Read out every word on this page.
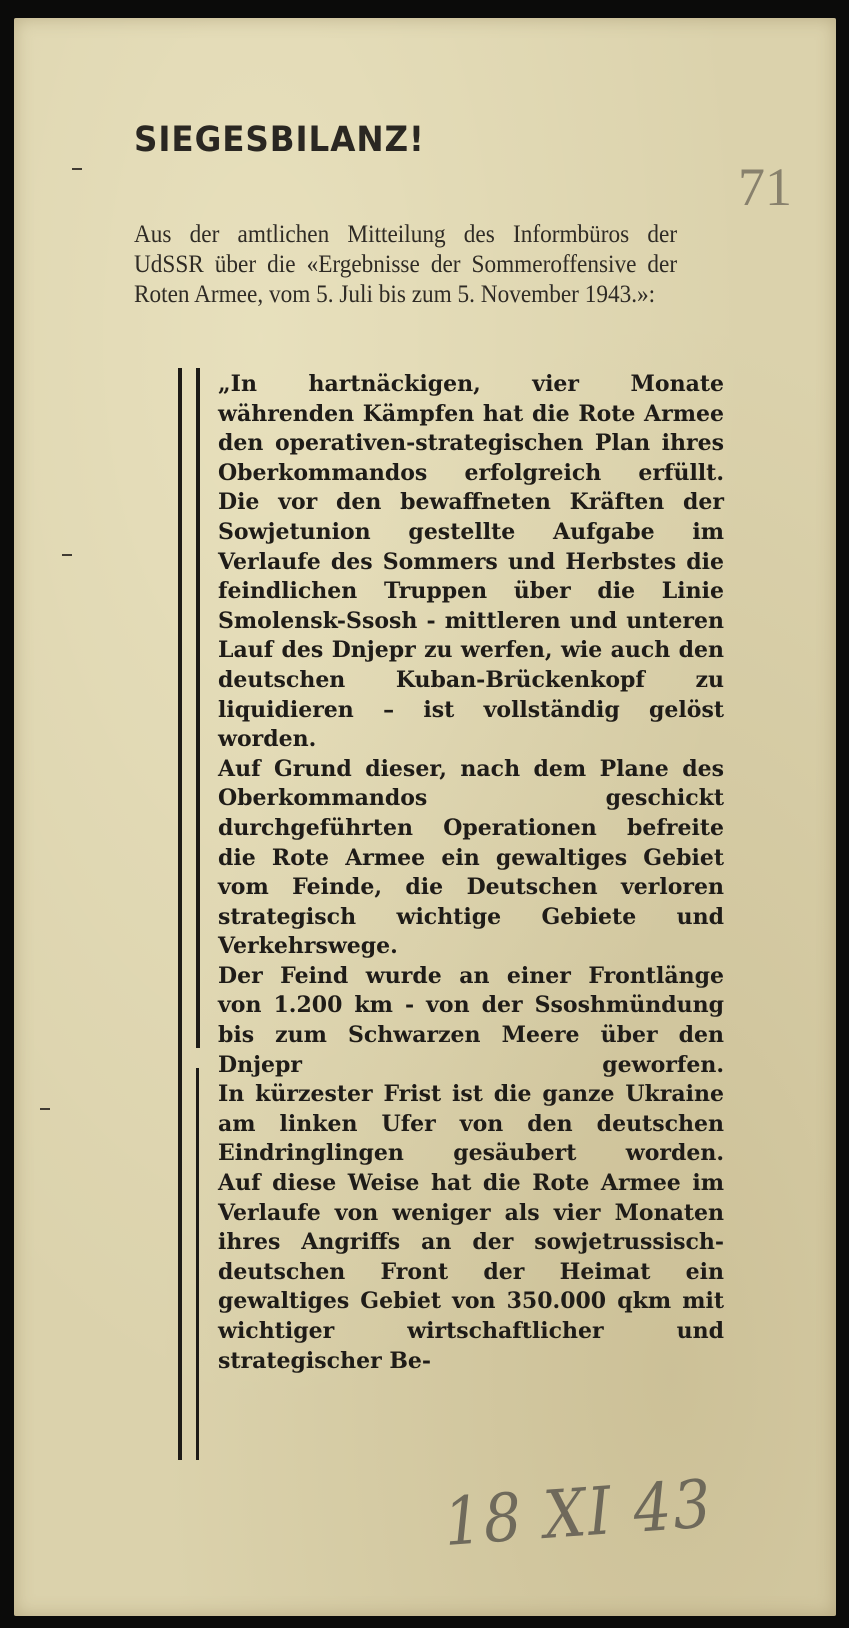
SIEGESBILANZ!
71

Aus der amtlichen Mitteilung des Informbüros der UdSSR über die «Ergebnisse der Sommeroffensive der Roten Armee, vom 5. Juli bis zum 5. November 1943.»:

„In hartnäckigen, vier Monate währenden Kämpfen hat die Rote Armee den operativen-strategischen Plan ihres Oberkommandos erfolgreich erfüllt.

Die vor den bewaffneten Kräften der Sowjetunion gestellte Aufgabe im Verlaufe des Sommers und Herbstes die feindlichen Truppen über die Linie Smolensk-Ssosh - mittleren und unteren Lauf des Dnjepr zu werfen, wie auch den deutschen Kuban-Brückenkopf zu liquidieren – ist vollständig gelöst worden.

Auf Grund dieser, nach dem Plane des Oberkommandos geschickt durchgeführten Operationen befreite die Rote Armee ein gewaltiges Gebiet vom Feinde, die Deutschen verloren strategisch wichtige Gebiete und Verkehrswege.

Der Feind wurde an einer Frontlänge von 1.200 km - von der Ssoshmündung bis zum Schwarzen Meere über den Dnjepr geworfen.

In kürzester Frist ist die ganze Ukraine am linken Ufer von den deutschen Eindringlingen gesäubert worden.

Auf diese Weise hat die Rote Armee im Verlaufe von weniger als vier Monaten ihres Angriffs an der sowjetrussisch-deutschen Front der Heimat ein gewaltiges Gebiet von 350.000 qkm mit wichtiger wirtschaftlicher und strategischer Be-

18 XI 43
